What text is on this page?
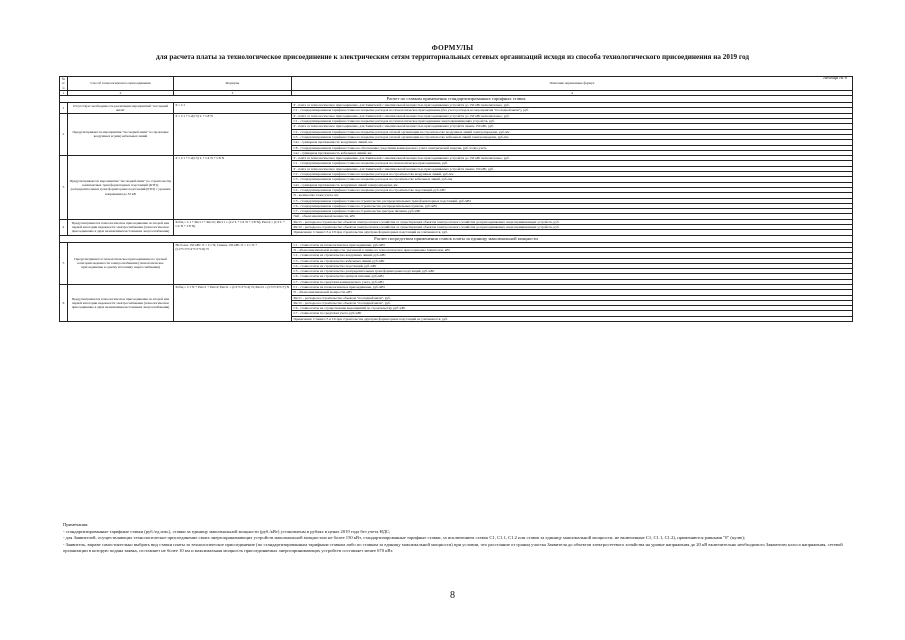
ФОРМУЛЫ
для расчета платы за технологическое присоединение к электрическим сетям территориальных сетевых организаций исходя из способа технологического присоединения на 2019 год
Таблица № 8
№ п/п	Способ технологического присоединения	Формулы	Описание переменных формул
1	2	3	4
Расчет по ставкам применения стандартизированных тарифных ставок			
1	Отсутствует необходимость реализации мероприятий "последней мили"	Р = С1	Р - плата за технологическое присоединение, для Заявителей с максимальной мощностью присоединяемых устройств до 150 кВт включительно, руб.
			С1 - стандартизированная тарифная ставка на покрытие расходов на технологическое присоединение (без учета расходов на мероприятия "последней мили"), руб.
2	Предусматриваются мероприятия "последней мили" по прокладке воздушных и (или) кабельных линий	Р = С1 + С2(С3)·L + С8·N	Р - плата за технологическое присоединение, для Заявителей с максимальной мощностью присоединяемых устройств до 150 кВт включительно, руб.
			С1 - стандартизированная тарифная ставка на покрытие расходов на технологическое присоединение энергопринимающих устройств, руб.
			Р - плата за технологическое присоединение, для Заявителей с максимальной мощностью присоединяемых устройств свыше 150 кВт, руб.
			С2 - стандартизированная тарифная ставка на покрытие расходов сетевой организации на строительство воздушных линий электропередачи, руб./км
			С3 - стандартизированная тарифная ставка на покрытие расходов сетевой организации на строительство кабельных линий электропередачи, руб./км
			Lвл - суммарная протяженность воздушных линий, км
			С8 - стандартизированная тарифная ставка на обеспечение средствами коммерческого учета электрической энергии, руб./точка учета
			Lкл - суммарная протяженность кабельных линий, км
3	Предусматриваются мероприятия "последней мили" по строительству комплектных трансформаторных подстанций (КТП), распределительных трансформаторных подстанций (РТП) с уровнем напряжения до 35 кВ	Р = С1 + С2(С3)·L + С4·N + С8·N	Р - плата за технологическое присоединение, для Заявителей с максимальной мощностью присоединяемых устройств до 150 кВт включительно, руб.
			С1 - стандартизированная тарифная ставка на покрытие расходов на технологическое присоединение, руб.
			Р - плата за технологическое присоединение, для Заявителей с максимальной мощностью присоединяемых устройств свыше 150 кВт, руб.
			С2 - стандартизированная тарифная ставка на покрытие расходов на строительство воздушных линий, руб./км
			С3 - стандартизированная тарифная ставка на покрытие расходов на строительство кабельных линий, руб./км
			Lвл - суммарная протяженность воздушных линий электропередачи, км
			С4 - стандартизированная тарифная ставка на покрытие расходов на строительство подстанций, руб./кВт
			N - количество точек учета, шт.
			С5 - стандартизированная тарифная ставка на строительство распределительных трансформаторных подстанций, руб./кВт
			С6 - стандартизированная тарифная ставка на строительство распределительных пунктов, руб./кВт
			С7 - стандартизированная тарифная ставка на строительство центров питания, руб./кВт
			Nкб - объем максимальной мощности, кВт
4	Предусматривается технологическое присоединение по второй или первой категории надежности электроснабжения (технологическое присоединение к двум независимым источникам энергоснабжения)	Робщ = С1 + Рист1 + Рист2; Рист1 = (С2·L + С4·N + С8·N); Рист2 = (С3·L + С4·N + С8·N)	Рист1 - расходы на строительство объектов электросетевого хозяйства от существующих объектов электросетевого хозяйства до присоединяемых энергопринимающих устройств, руб.
			Рист2 - расходы на строительство объектов электросетевого хозяйства от существующих объектов электросетевого хозяйства до присоединяемых энергопринимающих устройств, руб.
			Примечание: Ставки С3 и С8 при строительстве двухтрансформаторных подстанций не учитываются, руб.
Расчет посредством применения ставок платы за единицу максимальной мощности			
5	Предусматривается технологическое присоединение по третьей категории надежности электроснабжения (технологическое присоединение к одному источнику энергоснабжения)	Не более 150 кВт: Р = С1·N; Свыше 150 кВт: Р = С1·N + (С2+С3+С4+С5+С6)·N	С1 - ставка платы на технологическое присоединение, руб./кВт
			N - объем максимальной мощности, указанной в заявке на технологическое присоединение Заявителем, кВт
			С2 - ставка платы на строительство воздушных линий, руб./кВт
			С3 - ставка платы на строительство кабельных линий, руб./кВт
			С4 - ставка платы на строительство подстанций, руб./кВт
			С5 - ставка платы на строительство распределительных трансформаторных подстанций, руб./кВт
			С6 - ставка платы на строительство центров питания, руб./кВт
			С7 - ставка платы по средствам коммерческого учета, руб./кВт
6	Предусматривается технологическое присоединение по второй или первой категории надежности электроснабжения (технологическое присоединение к двум независимым источникам энергоснабжения)	Робщ = С1·N + Рист1 + Рист2; Рист1 = (С2+С3+С4)·N; Рист2 = (С5+С6+С7)·N	С1 - ставка платы на технологическое присоединение, руб./кВт
			N - объем максимальной мощности, кВт
			Рист1 - расходы на строительство объектов "последней мили", руб.
			Рист2 - расходы на строительство объектов "последней мили", руб.
			С6 - ставка платы на осуществление мероприятий по строительству, руб./кВт
			С7 - ставка платы по средствам учета, руб./кВт
			Примечание: Ставки С5 и С6 при строительстве двухтрансформаторных подстанций не учитываются, руб.

Примечания:

- стандартизированные тарифные ставки (руб./ед.изм.), ставки за единицу максимальной мощности (руб./кВт) установлены в рублях в ценах 2019 года без учета НДС;

- для Заявителей, осуществляющих технологическое присоединение своих энергопринимающих устройств максимальной мощностью не более 150 кВт, стандартизированные тарифные ставки, за исключением ставок С1, С1.1, С1.2 или ставок за единицу максимальной мощности, не включенные С1, С1.1, С1.2), применяются равными "0" (нулю);

- Заявитель, вправе самостоятельно выбрать вид ставки платы за технологическое присоединение (по стандартизированным тарифным ставкам либо по ставкам за единицу максимальной мощности) при условии, что расстояние от границ участка Заявителя до объектов электросетевого хозяйства на уровне напряжения до 20 кВ включительно необходимого Заявителю класса напряжения, сетевой организации в которую подана заявка, составляет не более 10 км и максимальная мощность присоединяемых энергопринимающих устройств составляет менее 670 кВт.

8
